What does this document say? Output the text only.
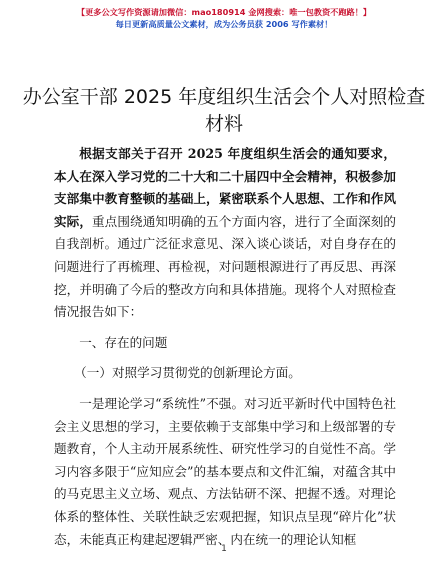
【更多公文写作资源请加微信：mao180914 金网搜索：唯一包教资不跑路！】
每日更新高质量公文素材，成为公务员获 2006 写作素材！
办公室干部 2025 年度组织生活会个人对照检查材料

根据支部关于召开 2025 年度组织生活会的通知要求，本人在深入学习党的二十大和二十届四中全会精神，积极参加支部集中教育整顿的基础上，紧密联系个人思想、工作和作风实际，重点围绕通知明确的五个方面内容，进行了全面深刻的自我剖析。通过广泛征求意见、深入谈心谈话，对自身存在的问题进行了再梳理、再检视，对问题根源进行了再反思、再深挖，并明确了今后的整改方向和具体措施。现将个人对照检查情况报告如下：

一、存在的问题

（一）对照学习贯彻党的创新理论方面。

一是理论学习“系统性”不强。对习近平新时代中国特色社会主义思想的学习，主要依赖于支部集中学习和上级部署的专题教育，个人主动开展系统性、研究性学习的自觉性不高。学习内容多限于“应知应会”的基本要点和文件汇编，对蕴含其中的马克思主义立场、观点、方法钻研不深、把握不透。对理论体系的整体性、关联性缺乏宏观把握，知识点呈现“碎片化”状态，未能真正构建起逻辑严密、内在统一的理论认知框

1
